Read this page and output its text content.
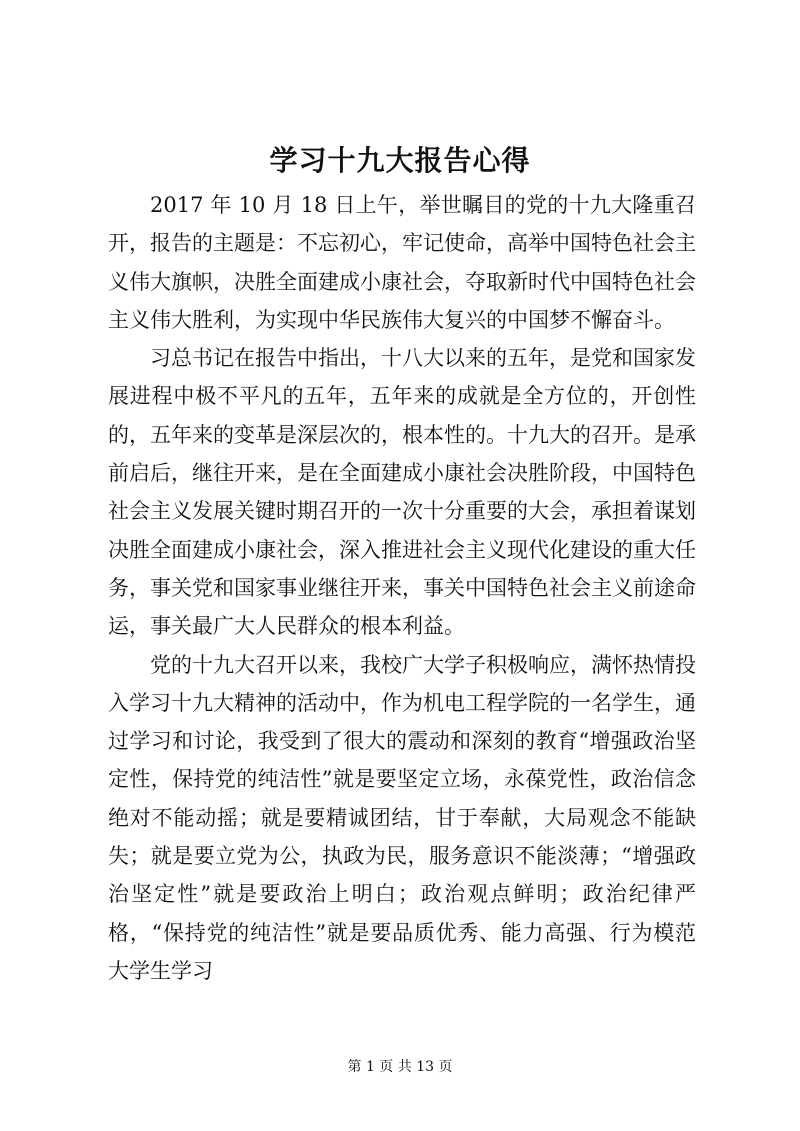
学习十九大报告心得

2017 年 10 月 18 日上午，举世瞩目的党的十九大隆重召开，报告的主题是：不忘初心，牢记使命，高举中国特色社会主义伟大旗帜，决胜全面建成小康社会，夺取新时代中国特色社会主义伟大胜利，为实现中华民族伟大复兴的中国梦不懈奋斗。

习总书记在报告中指出，十八大以来的五年，是党和国家发展进程中极不平凡的五年，五年来的成就是全方位的，开创性的，五年来的变革是深层次的，根本性的。十九大的召开。是承前启后，继往开来，是在全面建成小康社会决胜阶段，中国特色社会主义发展关键时期召开的一次十分重要的大会，承担着谋划决胜全面建成小康社会，深入推进社会主义现代化建设的重大任务，事关党和国家事业继往开来，事关中国特色社会主义前途命运，事关最广大人民群众的根本利益。

党的十九大召开以来，我校广大学子积极响应，满怀热情投入学习十九大精神的活动中，作为机电工程学院的一名学生，通过学习和讨论，我受到了很大的震动和深刻的教育“增强政治坚定性，保持党的纯洁性”就是要坚定立场，永葆党性，政治信念绝对不能动摇；就是要精诚团结，甘于奉献，大局观念不能缺失；就是要立党为公，执政为民，服务意识不能淡薄；“增强政治坚定性”就是要政治上明白；政治观点鲜明；政治纪律严格，“保持党的纯洁性”就是要品质优秀、能力高强、行为模范大学生学习

第 1 页 共 13 页
